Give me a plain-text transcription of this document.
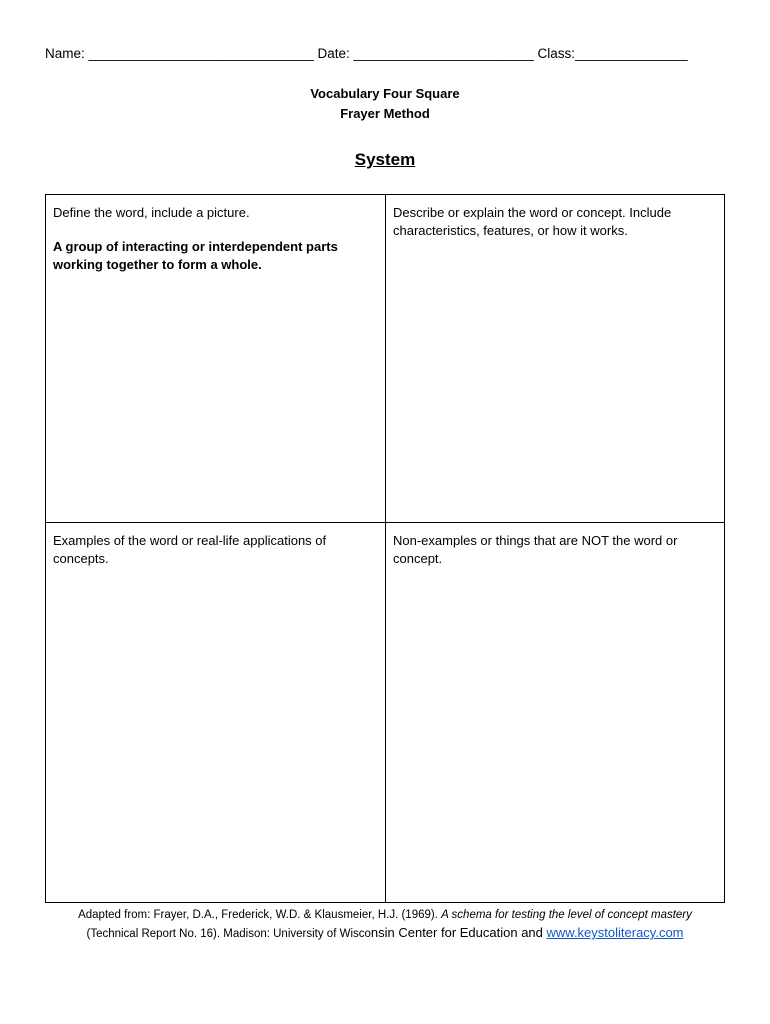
Name: ______________________________ Date: ________________________ Class:_______________
Vocabulary Four Square
Frayer Method
System
Define the word, include a picture.
A group of interacting or interdependent parts working together to form a whole.
Describe or explain the word or concept. Include characteristics, features, or how it works.
Examples of the word or real-life applications of concepts.
Non-examples or things that are NOT the word or concept.
Adapted from: Frayer, D.A., Frederick, W.D. & Klausmeier, H.J. (1969). A schema for testing the level of concept mastery
(Technical Report No. 16). Madison: University of Wisconsin Center for Education and www.keystoliteracy.com
